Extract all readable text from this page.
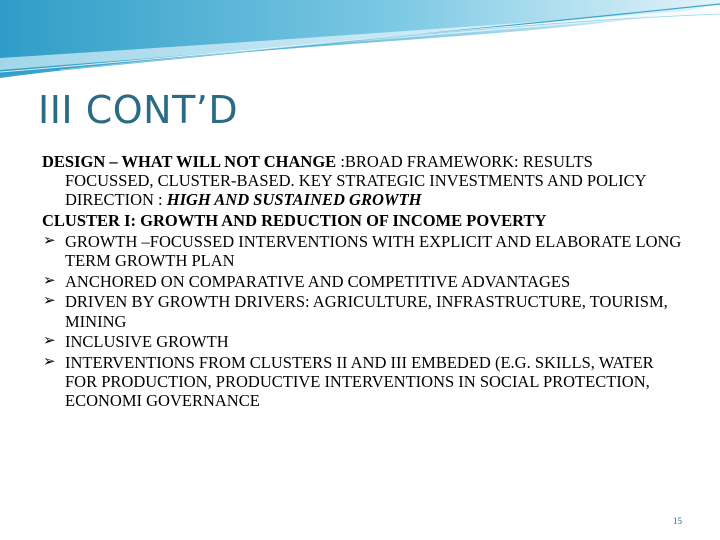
III CONT’D

DESIGN – WHAT WILL NOT CHANGE :BROAD FRAMEWORK: RESULTS FOCUSSED, CLUSTER-BASED. KEY STRATEGIC INVESTMENTS AND POLICY DIRECTION : HIGH AND SUSTAINED GROWTH

CLUSTER I: GROWTH AND REDUCTION OF INCOME POVERTY

➢ GROWTH –FOCUSSED INTERVENTIONS WITH EXPLICIT AND ELABORATE LONG TERM GROWTH PLAN
➢ ANCHORED ON COMPARATIVE AND COMPETITIVE ADVANTAGES
➢ DRIVEN BY GROWTH DRIVERS: AGRICULTURE, INFRASTRUCTURE, TOURISM, MINING
➢ INCLUSIVE GROWTH
➢ INTERVENTIONS FROM CLUSTERS II AND III EMBEDED (E.G. SKILLS, WATER FOR PRODUCTION, PRODUCTIVE INTERVENTIONS IN SOCIAL PROTECTION, ECONOMI GOVERNANCE
15
